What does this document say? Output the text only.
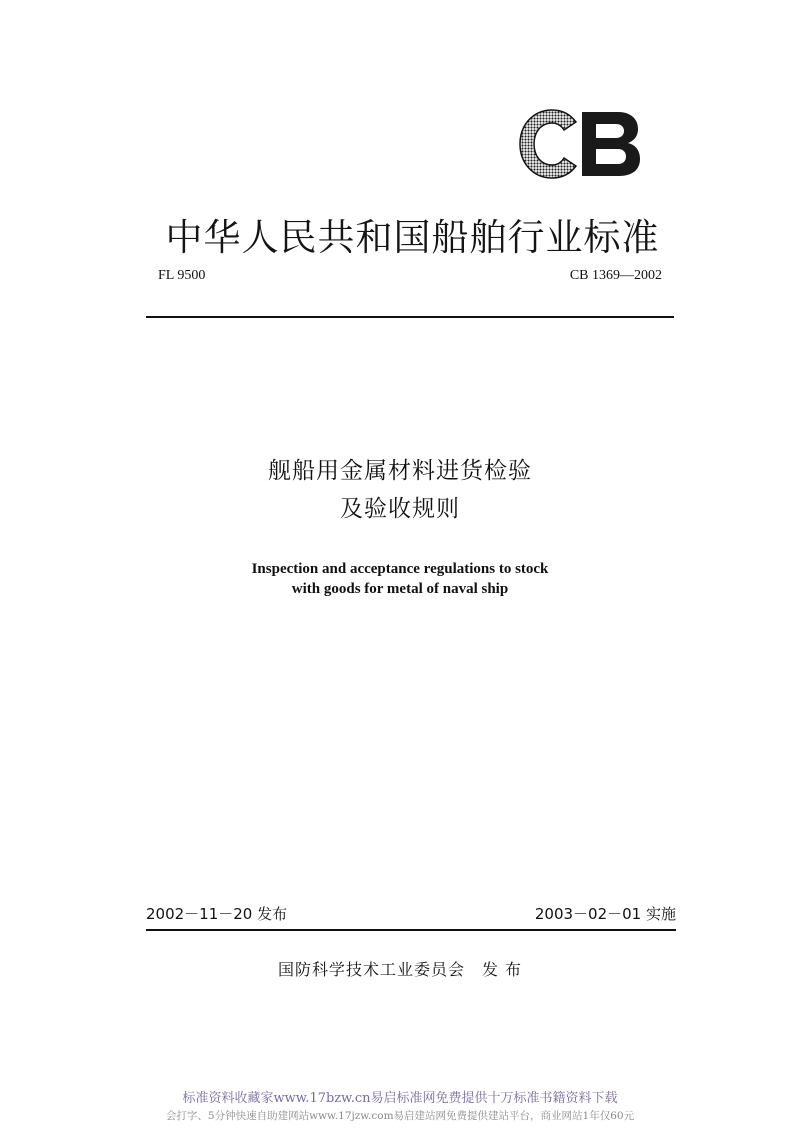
中华人民共和国船舶行业标准
FL 9500	CB 1369—2002
舰船用金属材料进货检验
及验收规则
Inspection and acceptance regulations to stock
with goods for metal of naval ship
2002－11－20 发布	2003－02－01 实施
国防科学技术工业委员会　发 布
标准资料收藏家www.17bzw.cn易启标准网免费提供十万标准书籍资料下载
会打字、5分钟快速自助建网站www.17jzw.com易启建站网免费提供建站平台，商业网站1年仅60元
